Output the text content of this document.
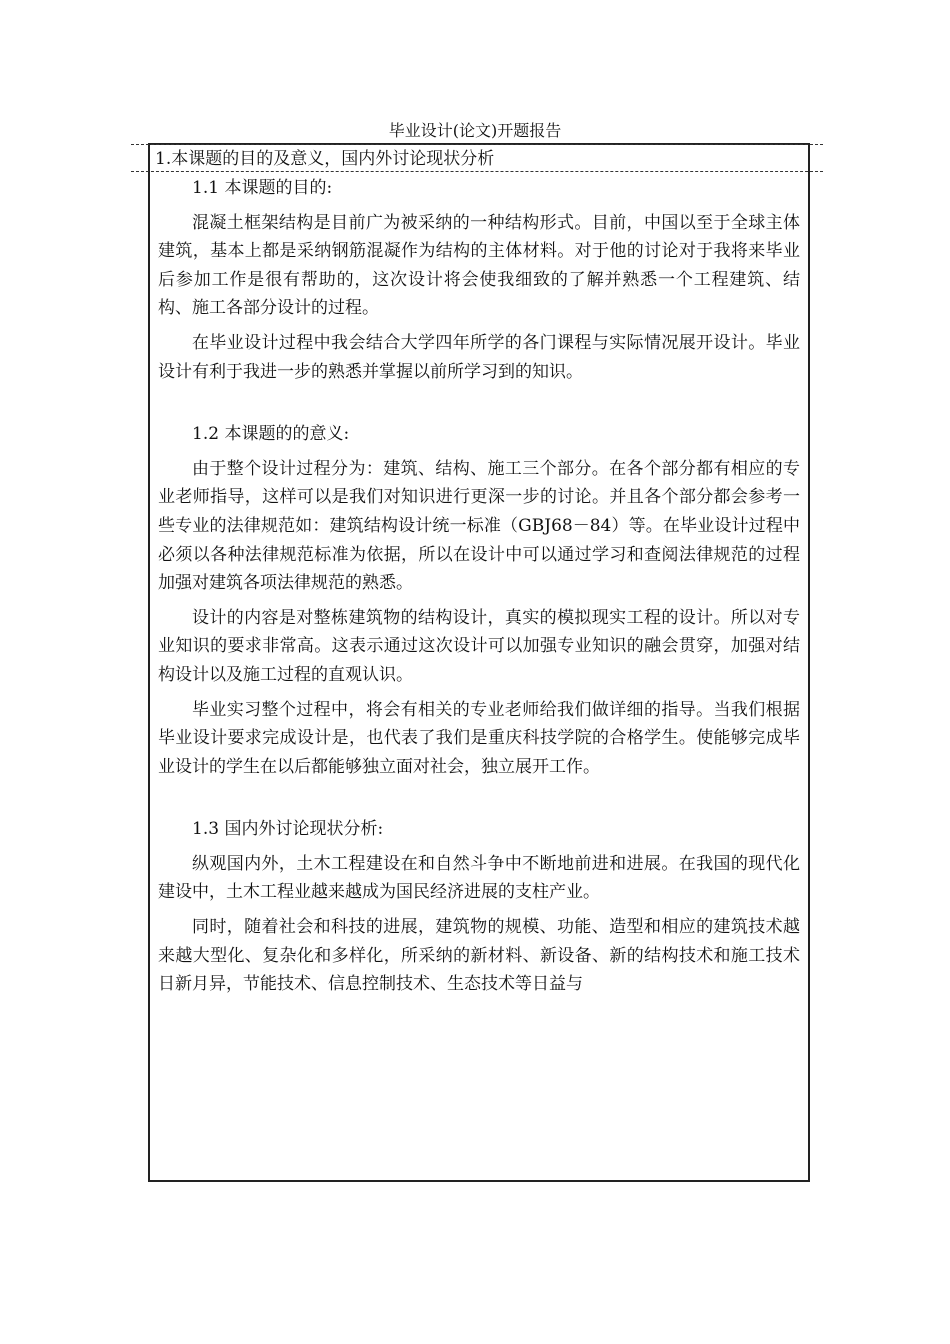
毕业设计(论文)开题报告
1.本课题的目的及意义，国内外讨论现状分析

1.1 本课题的目的:

混凝土框架结构是目前广为被采纳的一种结构形式。目前，中国以至于全球主体建筑，基本上都是采纳钢筋混凝作为结构的主体材料。对于他的讨论对于我将来毕业后参加工作是很有帮助的，这次设计将会使我细致的了解并熟悉一个工程建筑、结构、施工各部分设计的过程。

在毕业设计过程中我会结合大学四年所学的各门课程与实际情况展开设计。毕业设计有利于我进一步的熟悉并掌握以前所学习到的知识。

1.2 本课题的的意义:

由于整个设计过程分为：建筑、结构、施工三个部分。在各个部分都有相应的专业老师指导，这样可以是我们对知识进行更深一步的讨论。并且各个部分都会参考一些专业的法律规范如：建筑结构设计统一标准（GBJ68－84）等。在毕业设计过程中必须以各种法律规范标准为依据，所以在设计中可以通过学习和查阅法律规范的过程加强对建筑各项法律规范的熟悉。

设计的内容是对整栋建筑物的结构设计，真实的模拟现实工程的设计。所以对专业知识的要求非常高。这表示通过这次设计可以加强专业知识的融会贯穿，加强对结构设计以及施工过程的直观认识。

毕业实习整个过程中，将会有相关的专业老师给我们做详细的指导。当我们根据毕业设计要求完成设计是，也代表了我们是重庆科技学院的合格学生。使能够完成毕业设计的学生在以后都能够独立面对社会，独立展开工作。

1.3 国内外讨论现状分析:

纵观国内外，土木工程建设在和自然斗争中不断地前进和进展。在我国的现代化建设中，土木工程业越来越成为国民经济进展的支柱产业。

同时，随着社会和科技的进展，建筑物的规模、功能、造型和相应的建筑技术越来越大型化、复杂化和多样化，所采纳的新材料、新设备、新的结构技术和施工技术日新月异，节能技术、信息控制技术、生态技术等日益与
